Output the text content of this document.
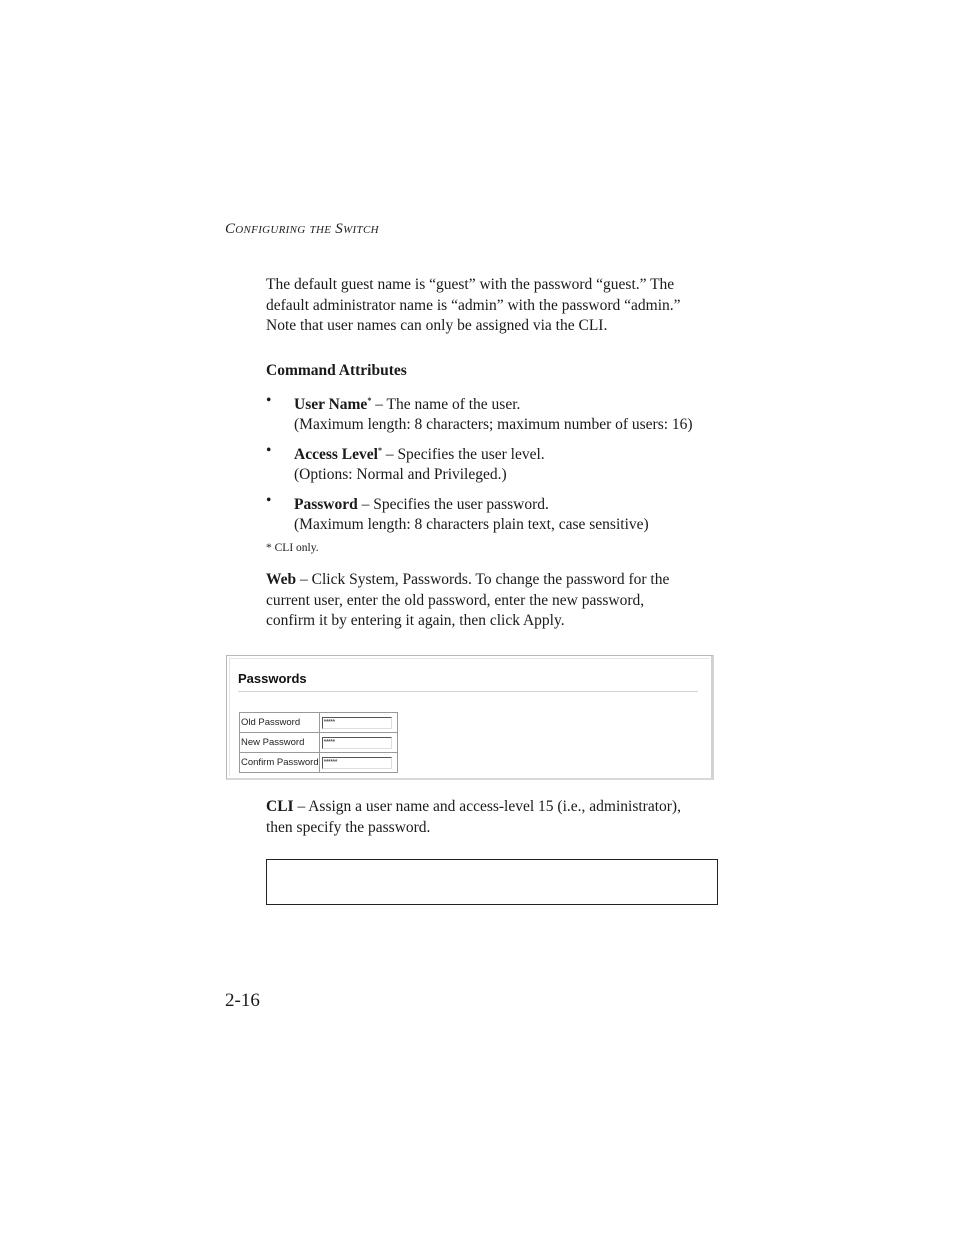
Configuring the Switch
The default guest name is “guest” with the password “guest.” The
default administrator name is “admin” with the password “admin.”
Note that user names can only be assigned via the CLI.
Command Attributes
• User Name* – The name of the user.
(Maximum length: 8 characters; maximum number of users: 16)
• Access Level* – Specifies the user level.
(Options: Normal and Privileged.)
• Password – Specifies the user password.
(Maximum length: 8 characters plain text, case sensitive)
* CLI only.
Web – Click System, Passwords. To change the password for the
current user, enter the old password, enter the new password,
confirm it by entering it again, then click Apply.
Passwords
Old Password	*****

New Password	*****

Confirm Password	******
CLI – Assign a user name and access-level 15 (i.e., administrator),
then specify the password.
2-16
